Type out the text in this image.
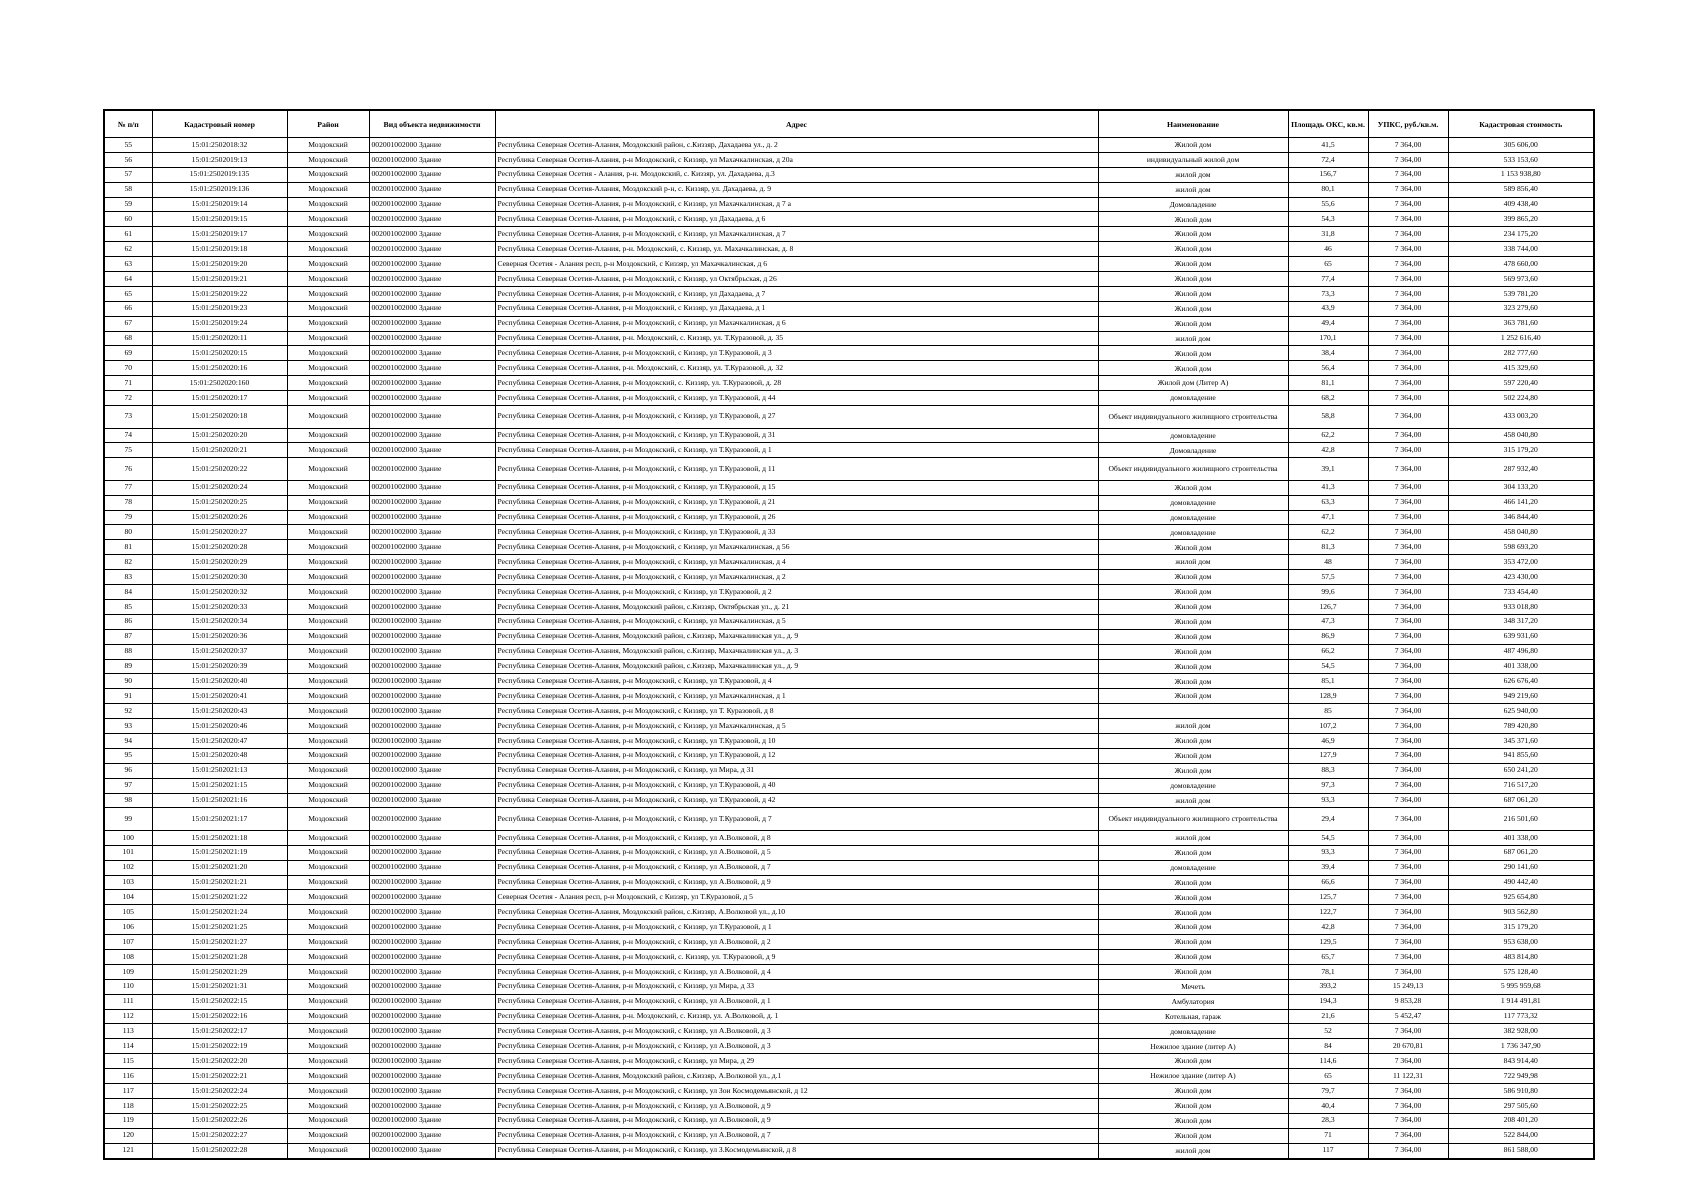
№ п/п	Кадастровый номер	Район	Вид объекта недвижимости	Адрес	Наименование	Площадь ОКС, кв.м.	УПКС, руб./кв.м.	Кадастровая стоимость
55	15:01:2502018:32	Моздокский	002001002000 Здание	Республика Северная Осетия-Алания, Моздокский район, с.Киззяр, Дахадаева ул., д. 2	Жилой дом	41,5	7 364,00	305 606,00
56	15:01:2502019:13	Моздокский	002001002000 Здание	Республика Северная Осетия-Алания, р-н Моздокский, с Киззяр, ул Махачкалинская, д 20а	индивидуальный жилой дом	72,4	7 364,00	533 153,60
57	15:01:2502019:135	Моздокский	002001002000 Здание	Республика Северная Осетия - Алания, р-н. Моздокский, с. Киззяр, ул. Дахадаева, д.3	жилой дом	156,7	7 364,00	1 153 938,80
58	15:01:2502019:136	Моздокский	002001002000 Здание	Республика Северная Осетия-Алания, Моздокский р-н, с. Киззяр, ул. Дахадаева, д. 9	жилой дом	80,1	7 364,00	589 856,40
59	15:01:2502019:14	Моздокский	002001002000 Здание	Республика Северная Осетия-Алания, р-н Моздокский, с Киззяр, ул Махачкалинская, д 7 а	Домовладение	55,6	7 364,00	409 438,40
60	15:01:2502019:15	Моздокский	002001002000 Здание	Республика Северная Осетия-Алания, р-н Моздокский, с Киззяр, ул Дахадаева, д 6	Жилой дом	54,3	7 364,00	399 865,20
61	15:01:2502019:17	Моздокский	002001002000 Здание	Республика Северная Осетия-Алания, р-н Моздокский, с Киззяр, ул Махачкалинская, д 7	Жилой дом	31,8	7 364,00	234 175,20
62	15:01:2502019:18	Моздокский	002001002000 Здание	Республика Северная Осетия-Алания, р-н. Моздокский, с. Киззяр, ул. Махачкалинская, д. 8	Жилой дом	46	7 364,00	338 744,00
63	15:01:2502019:20	Моздокский	002001002000 Здание	Северная Осетия - Алания респ, р-н Моздокский, с Киззяр, ул Махачкалинская, д 6	Жилой дом	65	7 364,00	478 660,00
64	15:01:2502019:21	Моздокский	002001002000 Здание	Республика Северная Осетия-Алания, р-н Моздокский, с Киззяр, ул Октябрьская, д 26	Жилой дом	77,4	7 364,00	569 973,60
65	15:01:2502019:22	Моздокский	002001002000 Здание	Республика Северная Осетия-Алания, р-н Моздокский, с Киззяр, ул Дахадаева, д 7	Жилой дом	73,3	7 364,00	539 781,20
66	15:01:2502019:23	Моздокский	002001002000 Здание	Республика Северная Осетия-Алания, р-н Моздокский, с Киззяр, ул Дахадаева, д 1	Жилой дом	43,9	7 364,00	323 279,60
67	15:01:2502019:24	Моздокский	002001002000 Здание	Республика Северная Осетия-Алания, р-н Моздокский, с Киззяр, ул Махачкалинская, д 6	Жилой дом	49,4	7 364,00	363 781,60
68	15:01:2502020:11	Моздокский	002001002000 Здание	Республика Северная Осетия-Алания, р-н. Моздокский, с. Киззяр, ул. Т.Куразовой, д. 35	жилой дом	170,1	7 364,00	1 252 616,40
69	15:01:2502020:15	Моздокский	002001002000 Здание	Республика Северная Осетия-Алания, р-н Моздокский, с Киззяр, ул Т.Куразовой, д 3	Жилой дом	38,4	7 364,00	282 777,60
70	15:01:2502020:16	Моздокский	002001002000 Здание	Республика Северная Осетия-Алания, р-н. Моздокский, с. Киззяр, ул. Т.Куразовой, д. 32	Жилой дом	56,4	7 364,00	415 329,60
71	15:01:2502020:160	Моздокский	002001002000 Здание	Республика Северная Осетия-Алания, р-н Моздокский, с. Киззяр, ул. Т.Куразовой, д. 28	Жилой дом (Литер А)	81,1	7 364,00	597 220,40
72	15:01:2502020:17	Моздокский	002001002000 Здание	Республика Северная Осетия-Алания, р-н Моздокский, с Киззяр, ул Т.Куразовой, д 44	домовладение	68,2	7 364,00	502 224,80
73	15:01:2502020:18	Моздокский	002001002000 Здание	Республика Северная Осетия-Алания, р-н Моздокский, с Киззяр, ул Т.Куразовой, д 27	Объект индивидуального жилищного строительства	58,8	7 364,00	433 003,20
74	15:01:2502020:20	Моздокский	002001002000 Здание	Республика Северная Осетия-Алания, р-н Моздокский, с Киззяр, ул Т.Куразовой, д 31	домовладение	62,2	7 364,00	458 040,80
75	15:01:2502020:21	Моздокский	002001002000 Здание	Республика Северная Осетия-Алания, р-н Моздокский, с Киззяр, ул Т.Куразовой, д 1	Домовладение	42,8	7 364,00	315 179,20
76	15:01:2502020:22	Моздокский	002001002000 Здание	Республика Северная Осетия-Алания, р-н Моздокский, с Киззяр, ул Т.Куразовой, д 11	Объект индивидуального жилищного строительства	39,1	7 364,00	287 932,40
77	15:01:2502020:24	Моздокский	002001002000 Здание	Республика Северная Осетия-Алания, р-н Моздокский, с Киззяр, ул Т.Куразовой, д 15	Жилой дом	41,3	7 364,00	304 133,20
78	15:01:2502020:25	Моздокский	002001002000 Здание	Республика Северная Осетия-Алания, р-н Моздокский, с Киззяр, ул Т.Куразовой, д 21	домовладение	63,3	7 364,00	466 141,20
79	15:01:2502020:26	Моздокский	002001002000 Здание	Республика Северная Осетия-Алания, р-н Моздокский, с Киззяр, ул Т.Куразовой, д 26	домовладение	47,1	7 364,00	346 844,40
80	15:01:2502020:27	Моздокский	002001002000 Здание	Республика Северная Осетия-Алания, р-н Моздокский, с Киззяр, ул Т.Куразовой, д 33	домовладение	62,2	7 364,00	458 040,80
81	15:01:2502020:28	Моздокский	002001002000 Здание	Республика Северная Осетия-Алания, р-н Моздокский, с Киззяр, ул Махачкалинская, д 56	Жилой дом	81,3	7 364,00	598 693,20
82	15:01:2502020:29	Моздокский	002001002000 Здание	Республика Северная Осетия-Алания, р-н Моздокский, с Киззяр, ул Махачкалинская, д 4	жилой дом	48	7 364,00	353 472,00
83	15:01:2502020:30	Моздокский	002001002000 Здание	Республика Северная Осетия-Алания, р-н Моздокский, с Киззяр, ул Махачкалинская, д 2	Жилой дом	57,5	7 364,00	423 430,00
84	15:01:2502020:32	Моздокский	002001002000 Здание	Республика Северная Осетия-Алания, р-н Моздокский, с Киззяр, ул Т.Куразовой, д 2	Жилой дом	99,6	7 364,00	733 454,40
85	15:01:2502020:33	Моздокский	002001002000 Здание	Республика Северная Осетия-Алания, Моздокский район, с.Киззяр, Октябрьская ул., д. 21	Жилой дом	126,7	7 364,00	933 018,80
86	15:01:2502020:34	Моздокский	002001002000 Здание	Республика Северная Осетия-Алания, р-н Моздокский, с Киззяр, ул Махачкалинская, д 5	Жилой дом	47,3	7 364,00	348 317,20
87	15:01:2502020:36	Моздокский	002001002000 Здание	Республика Северная Осетия-Алания, Моздокский район, с.Киззяр, Махачкалинская ул., д. 9	Жилой дом	86,9	7 364,00	639 931,60
88	15:01:2502020:37	Моздокский	002001002000 Здание	Республика Северная Осетия-Алания, Моздокский район, с.Киззяр, Махачкалинская ул., д. 3	Жилой дом	66,2	7 364,00	487 496,80
89	15:01:2502020:39	Моздокский	002001002000 Здание	Республика Северная Осетия-Алания, Моздокский район, с.Киззяр, Махачкалинская ул., д. 9	Жилой дом	54,5	7 364,00	401 338,00
90	15:01:2502020:40	Моздокский	002001002000 Здание	Республика Северная Осетия-Алания, р-н Моздокский, с Киззяр, ул Т.Куразовой, д 4	Жилой дом	85,1	7 364,00	626 676,40
91	15:01:2502020:41	Моздокский	002001002000 Здание	Республика Северная Осетия-Алания, р-н Моздокский, с Киззяр, ул Махачкалинская, д 1	Жилой дом	128,9	7 364,00	949 219,60
92	15:01:2502020:43	Моздокский	002001002000 Здание	Республика Северная Осетия-Алания, р-н Моздокский, с Киззяр, ул Т. Куразовой, д 8		85	7 364,00	625 940,00
93	15:01:2502020:46	Моздокский	002001002000 Здание	Республика Северная Осетия-Алания, р-н Моздокский, с Киззяр, ул Махачкалинская, д 5	жилой дом	107,2	7 364,00	789 420,80
94	15:01:2502020:47	Моздокский	002001002000 Здание	Республика Северная Осетия-Алания, р-н Моздокский, с Киззяр, ул Т.Куразовой, д 10	Жилой дом	46,9	7 364,00	345 371,60
95	15:01:2502020:48	Моздокский	002001002000 Здание	Республика Северная Осетия-Алания, р-н Моздокский, с Киззяр, ул Т.Куразовой, д 12	Жилой дом	127,9	7 364,00	941 855,60
96	15:01:2502021:13	Моздокский	002001002000 Здание	Республика Северная Осетия-Алания, р-н Моздокский, с Киззяр, ул Мира, д 31	Жилой дом	88,3	7 364,00	650 241,20
97	15:01:2502021:15	Моздокский	002001002000 Здание	Республика Северная Осетия-Алания, р-н Моздокский, с Киззяр, ул Т.Куразовой, д 40	домовладение	97,3	7 364,00	716 517,20
98	15:01:2502021:16	Моздокский	002001002000 Здание	Республика Северная Осетия-Алания, р-н Моздокский, с Киззяр, ул Т.Куразовой, д 42	жилой дом	93,3	7 364,00	687 061,20
99	15:01:2502021:17	Моздокский	002001002000 Здание	Республика Северная Осетия-Алания, р-н Моздокский, с Киззяр, ул Т.Куразовой, д 7	Объект индивидуального жилищного строительства	29,4	7 364,00	216 501,60
100	15:01:2502021:18	Моздокский	002001002000 Здание	Республика Северная Осетия-Алания, р-н Моздокский, с Киззяр, ул А.Волковой, д 8	жилой дом	54,5	7 364,00	401 338,00
101	15:01:2502021:19	Моздокский	002001002000 Здание	Республика Северная Осетия-Алания, р-н Моздокский, с Киззяр, ул А.Волковой, д 5	Жилой дом	93,3	7 364,00	687 061,20
102	15:01:2502021:20	Моздокский	002001002000 Здание	Республика Северная Осетия-Алания, р-н Моздокский, с Киззяр, ул А.Волковой, д 7	домовладение	39,4	7 364,00	290 141,60
103	15:01:2502021:21	Моздокский	002001002000 Здание	Республика Северная Осетия-Алания, р-н Моздокский, с Киззяр, ул А.Волковой, д 9	Жилой дом	66,6	7 364,00	490 442,40
104	15:01:2502021:22	Моздокский	002001002000 Здание	Северная Осетия - Алания респ, р-н Моздокский, с Киззяр, ул Т.Куразовой, д 5	Жилой дом	125,7	7 364,00	925 654,80
105	15:01:2502021:24	Моздокский	002001002000 Здание	Республика Северная Осетия-Алания, Моздокский район, с.Киззяр, А.Волковой ул., д.10	Жилой дом	122,7	7 364,00	903 562,80
106	15:01:2502021:25	Моздокский	002001002000 Здание	Республика Северная Осетия-Алания, р-н Моздокский, с Киззяр, ул Т.Куразовой, д 1	Жилой дом	42,8	7 364,00	315 179,20
107	15:01:2502021:27	Моздокский	002001002000 Здание	Республика Северная Осетия-Алания, р-н Моздокский, с Киззяр, ул А.Волковой, д 2	Жилой дом	129,5	7 364,00	953 638,00
108	15:01:2502021:28	Моздокский	002001002000 Здание	Республика Северная Осетия-Алания, р-н Моздокский, с. Киззяр, ул. Т.Куразовой, д 9	Жилой дом	65,7	7 364,00	483 814,80
109	15:01:2502021:29	Моздокский	002001002000 Здание	Республика Северная Осетия-Алания, р-н Моздокский, с Киззяр, ул А.Волковой, д 4	Жилой дом	78,1	7 364,00	575 128,40
110	15:01:2502021:31	Моздокский	002001002000 Здание	Республика Северная Осетия-Алания, р-н Моздокский, с Киззяр, ул Мира, д 33	Мечеть	393,2	15 249,13	5 995 959,68
111	15:01:2502022:15	Моздокский	002001002000 Здание	Республика Северная Осетия-Алания, р-н Моздокский, с Киззяр, ул А.Волковой, д 1	Амбулатория	194,3	9 853,28	1 914 491,81
112	15:01:2502022:16	Моздокский	002001002000 Здание	Республика Северная Осетия-Алания, р-н. Моздокский, с. Киззяр, ул. А.Волковой, д. 1	Котельная, гараж	21,6	5 452,47	117 773,32
113	15:01:2502022:17	Моздокский	002001002000 Здание	Республика Северная Осетия-Алания, р-н Моздокский, с Киззяр, ул А.Волковой, д 3	домовладение	52	7 364,00	382 928,00
114	15:01:2502022:19	Моздокский	002001002000 Здание	Республика Северная Осетия-Алания, р-н Моздокский, с Киззяр, ул А.Волковой, д 3	Нежилое здание (литер А)	84	20 670,81	1 736 347,90
115	15:01:2502022:20	Моздокский	002001002000 Здание	Республика Северная Осетия-Алания, р-н Моздокский, с Киззяр, ул Мира, д 29	Жилой дом	114,6	7 364,00	843 914,40
116	15:01:2502022:21	Моздокский	002001002000 Здание	Республика Северная Осетия-Алания, Моздокский район, с.Киззяр, А.Волковой ул., д.1	Нежилое здание (литер А)	65	11 122,31	722 949,98
117	15:01:2502022:24	Моздокский	002001002000 Здание	Республика Северная Осетия-Алания, р-н Моздокский, с Киззяр, ул Зои Космодемьянской, д 12	Жилой дом	79,7	7 364,00	586 910,80
118	15:01:2502022:25	Моздокский	002001002000 Здание	Республика Северная Осетия-Алания, р-н Моздокский, с Киззяр, ул А.Волковой, д 9	Жилой дом	40,4	7 364,00	297 505,60
119	15:01:2502022:26	Моздокский	002001002000 Здание	Республика Северная Осетия-Алания, р-н Моздокский, с Киззяр, ул А.Волковой, д 9	Жилой дом	28,3	7 364,00	208 401,20
120	15:01:2502022:27	Моздокский	002001002000 Здание	Республика Северная Осетия-Алания, р-н Моздокский, с Киззяр, ул А.Волковой, д 7	Жилой дом	71	7 364,00	522 844,00
121	15:01:2502022:28	Моздокский	002001002000 Здание	Республика Северная Осетия-Алания, р-н Моздокский, с Киззяр, ул З.Космодемьянской, д 8	жилой дом	117	7 364,00	861 588,00
